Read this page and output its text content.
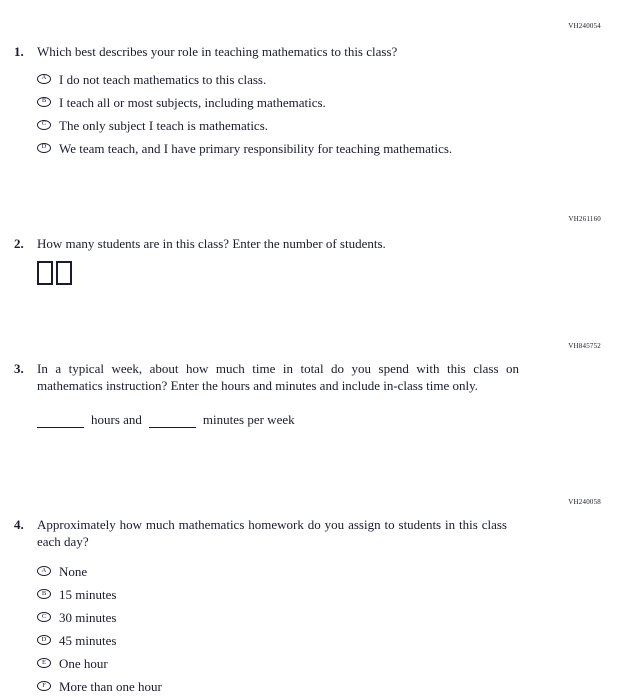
VH240054
1.	Which best describes your role in teaching mathematics to this class?
A I do not teach mathematics to this class.
B I teach all or most subjects, including mathematics.
C The only subject I teach is mathematics.
D We team teach, and I have primary responsibility for teaching mathematics.
VH261160
2.	How many students are in this class? Enter the number of students.
VH845752
3.	In a typical week, about how much time in total do you spend with this class on mathematics instruction? Enter the hours and minutes and include in-class time only.
hours and	minutes per week
VH240058
4.	Approximately how much mathematics homework do you assign to students in this class each day?
A None
B 15 minutes
C 30 minutes
D 45 minutes
E One hour
F More than one hour
